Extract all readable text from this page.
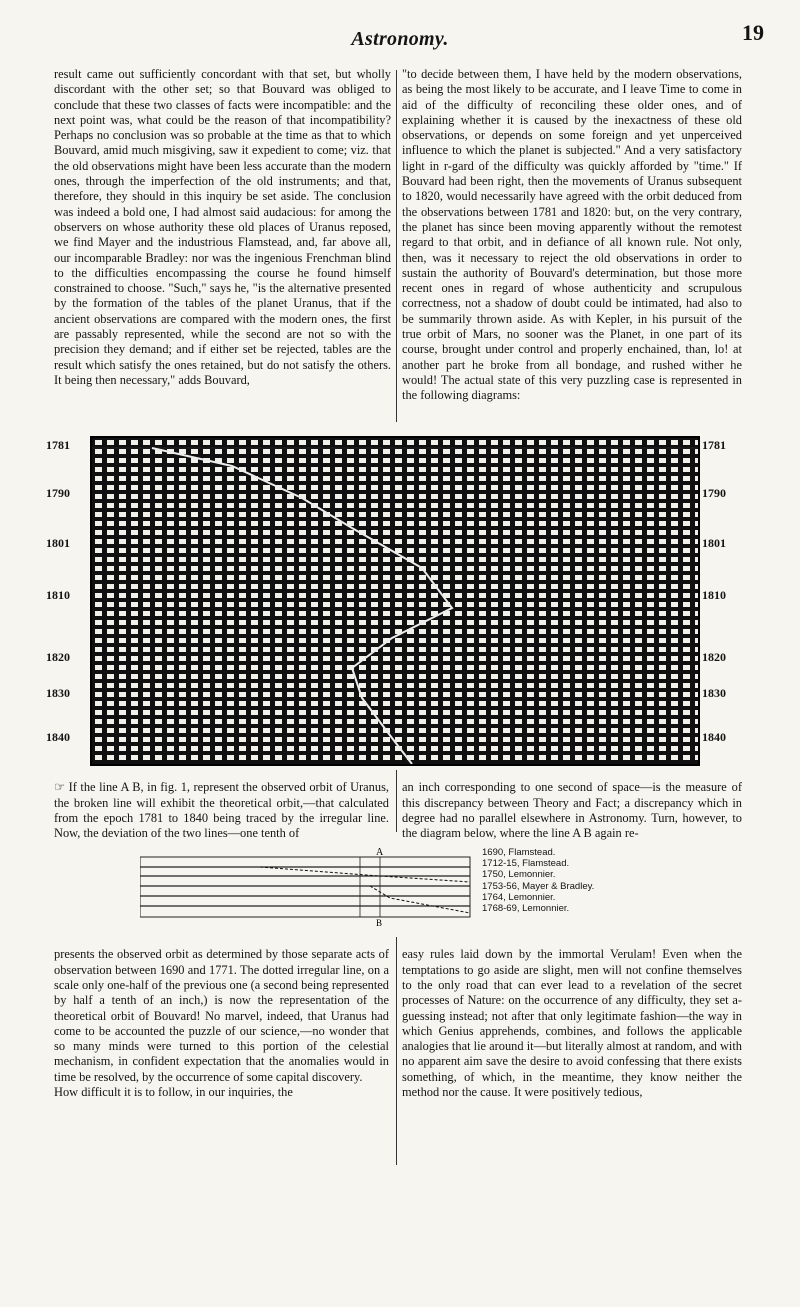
Astronomy.	19

result came out sufficiently concordant with that set, but wholly discordant with the other set; so that Bouvard was obliged to conclude that these two classes of facts were incompatible: and the next point was, what could be the reason of that incompatibility? Perhaps no conclusion was so probable at the time as that to which Bouvard, amid much misgiving, saw it expedient to come; viz. that the old observations might have been less accurate than the modern ones, through the imperfection of the old instruments; and that, therefore, they should in this inquiry be set aside. The conclusion was indeed a bold one, I had almost said audacious: for among the observers on whose authority these old places of Uranus reposed, we find Mayer and the industrious Flamstead, and, far above all, our incomparable Bradley: nor was the ingenious Frenchman blind to the difficulties encompassing the course he found himself constrained to choose. "Such," says he, "is the alternative presented by the formation of the tables of the planet Uranus, that if the ancient observations are compared with the modern ones, the first are passably represented, while the second are not so with the precision they demand; and if either set be rejected, tables are the result which satisfy the ones retained, but do not satisfy the others. It being then necessary," adds Bouvard,

"to decide between them, I have held by the modern observations, as being the most likely to be accurate, and I leave Time to come in aid of the difficulty of reconciling these older ones, and of explaining whether it is caused by the inexactness of these old observations, or depends on some foreign and yet unperceived influence to which the planet is subjected." And a very satisfactory light in r-gard of the difficulty was quickly afforded by "time." If Bouvard had been right, then the movements of Uranus subsequent to 1820, would necessarily have agreed with the orbit deduced from the observations between 1781 and 1820: but, on the very contrary, the planet has since been moving apparently without the remotest regard to that orbit, and in defiance of all known rule. Not only, then, was it necessary to reject the old observations in order to sustain the authority of Bouvard's determination, but those more recent ones in regard of whose authenticity and scrupulous correctness, not a shadow of doubt could be intimated, had also to be summarily thrown aside. As with Kepler, in his pursuit of the true orbit of Mars, no sooner was the Planet, in one part of its course, brought under control and properly enchained, than, lo! at another part he broke from all bondage, and rushed wither he would! The actual state of this very puzzling case is represented in the following diagrams:

1781
1790
1801
1810
1820
1830
1840
1781
1790
1801
1810
1820
1830
1840

☞ If the line A B, in fig. 1, represent the observed orbit of Uranus, the broken line will exhibit the theoretical orbit,—that calculated from the epoch 1781 to 1840 being traced by the irregular line. Now, the deviation of the two lines—one tenth of

an inch corresponding to one second of space—is the measure of this discrepancy between Theory and Fact; a discrepancy which in degree had no parallel elsewhere in Astronomy. Turn, however, to the diagram below, where the line A B again re-

A
B
1690, Flamstead.
1712-15, Flamstead.
1750, Lemonnier.
1753-56, Mayer & Bradley.
1764, Lemonnier.
1768-69, Lemonnier.

presents the observed orbit as determined by those separate acts of observation between 1690 and 1771. The dotted irregular line, on a scale only one-half of the previous one (a second being represented by half a tenth of an inch,) is now the representation of the theoretical orbit of Bouvard! No marvel, indeed, that Uranus had come to be accounted the puzzle of our science,—no wonder that so many minds were turned to this portion of the celestial mechanism, in confident expectation that the anomalies would in time be resolved, by the occurrence of some capital discovery.
How difficult it is to follow, in our inquiries, the

easy rules laid down by the immortal Verulam! Even when the temptations to go aside are slight, men will not confine themselves to the only road that can ever lead to a revelation of the secret processes of Nature: on the occurrence of any difficulty, they set a-guessing instead; not after that only legitimate fashion—the way in which Genius apprehends, combines, and follows the applicable analogies that lie around it—but literally almost at random, and with no apparent aim save the desire to avoid confessing that there exists something, of which, in the meantime, they know neither the method nor the cause. It were positively tedious,
